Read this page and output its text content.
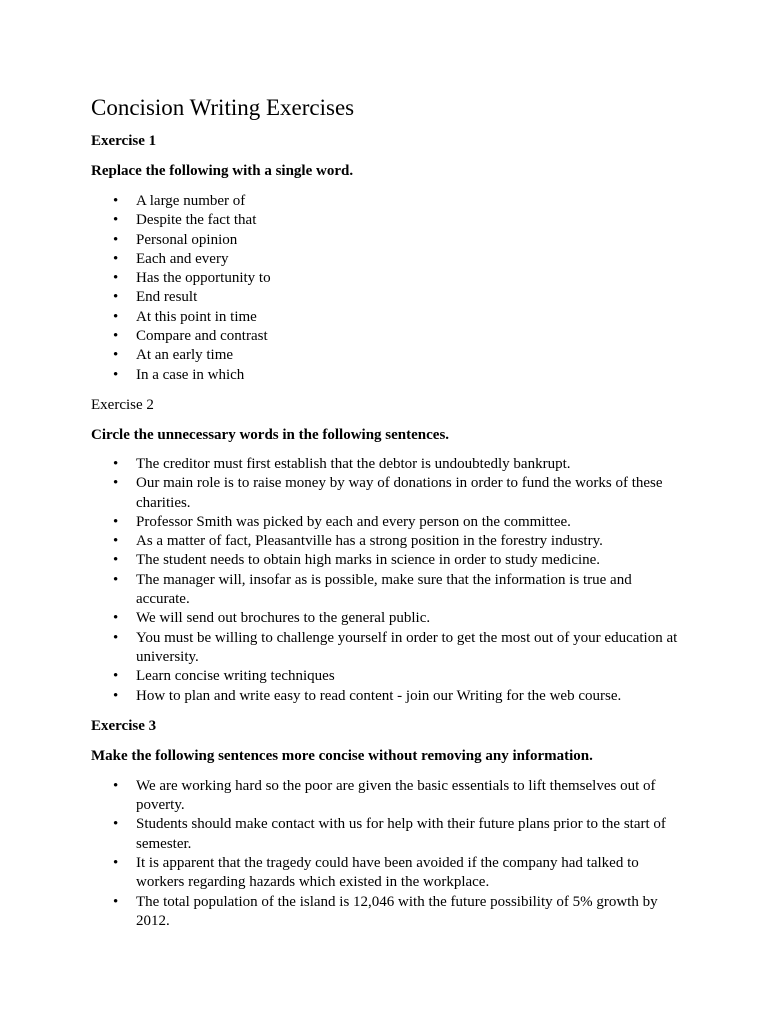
Concision Writing Exercises

Exercise 1

Replace the following with a single word.

• A large number of
• Despite the fact that
• Personal opinion
• Each and every
• Has the opportunity to
• End result
• At this point in time
• Compare and contrast
• At an early time
• In a case in which

Exercise 2

Circle the unnecessary words in the following sentences.

• The creditor must first establish that the debtor is undoubtedly bankrupt.
• Our main role is to raise money by way of donations in order to fund the works of these charities.
• Professor Smith was picked by each and every person on the committee.
• As a matter of fact, Pleasantville has a strong position in the forestry industry.
• The student needs to obtain high marks in science in order to study medicine.
• The manager will, insofar as is possible, make sure that the information is true and accurate.
• We will send out brochures to the general public.
• You must be willing to challenge yourself in order to get the most out of your education at university.
• Learn concise writing techniques
• How to plan and write easy to read content - join our Writing for the web course.

Exercise 3

Make the following sentences more concise without removing any information.

• We are working hard so the poor are given the basic essentials to lift themselves out of poverty.
• Students should make contact with us for help with their future plans prior to the start of semester.
• It is apparent that the tragedy could have been avoided if the company had talked to workers regarding hazards which existed in the workplace.
• The total population of the island is 12,046 with the future possibility of 5% growth by 2012.
